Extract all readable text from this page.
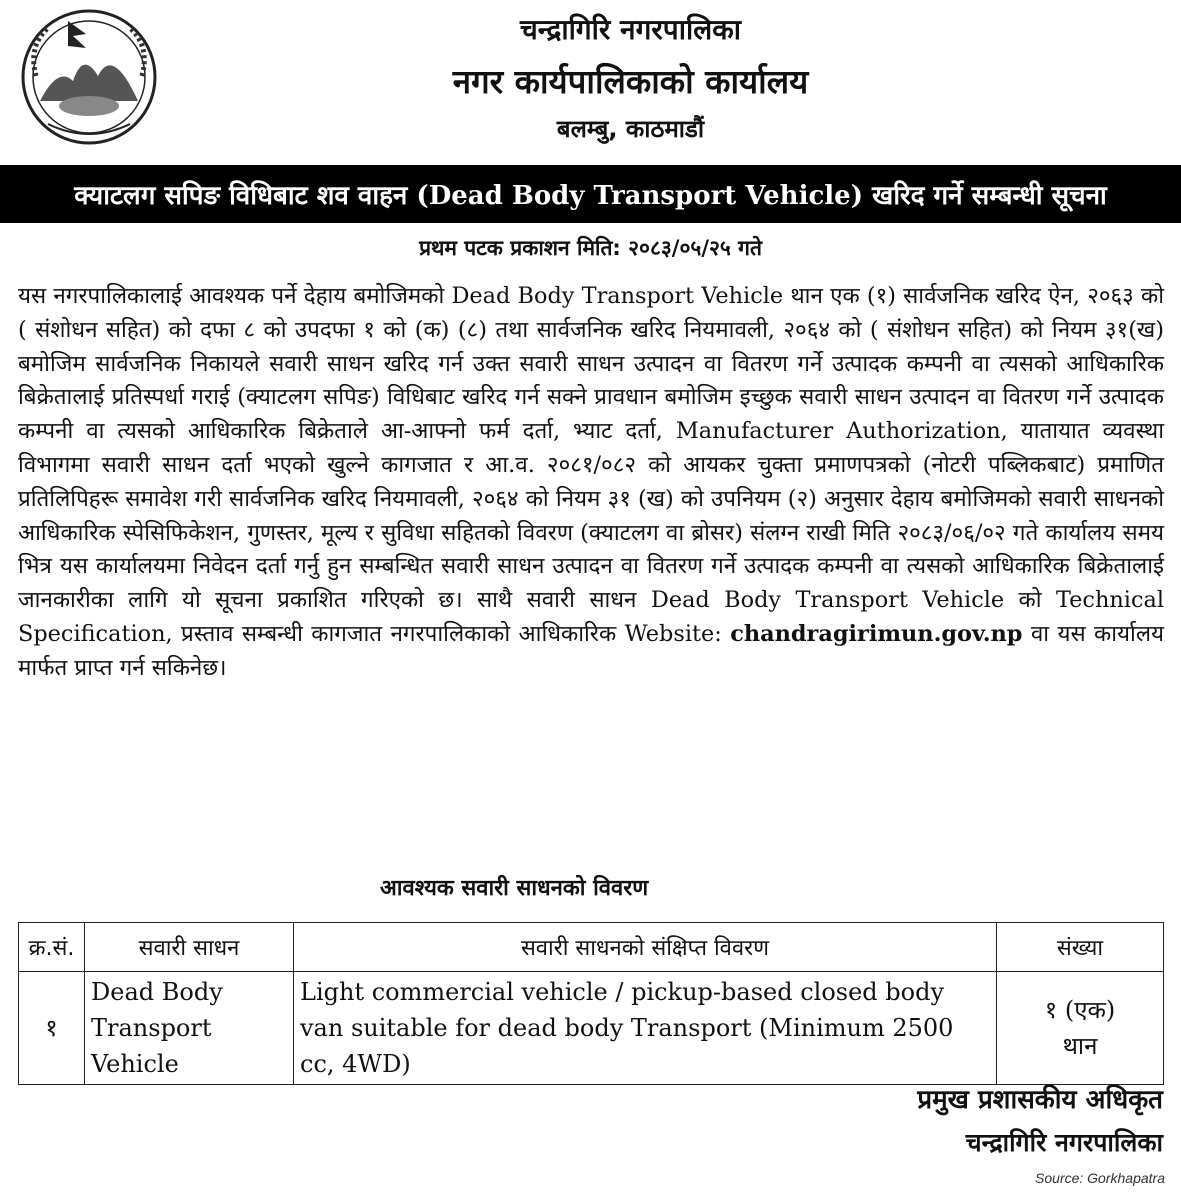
चन्द्रागिरि नगरपालिका
नगर कार्यपालिकाको कार्यालय
बलम्बु, काठमाडौं
क्याटलग सपिङ विधिबाट शव वाहन (Dead Body Transport Vehicle) खरिद गर्ने सम्बन्धी सूचना
प्रथम पटक प्रकाशन मिति: २०८३/०५/२५ गते
यस नगरपालिकालाई आवश्यक पर्ने देहाय बमोजिमको Dead Body Transport Vehicle थान एक (१) सार्वजनिक खरिद ऐन, २०६३ को ( संशोधन सहित) को दफा ८ को उपदफा १ को (क) (८) तथा सार्वजनिक खरिद नियमावली, २०६४ को ( संशोधन सहित) को नियम ३१(ख) बमोजिम सार्वजनिक निकायले सवारी साधन खरिद गर्न उक्त सवारी साधन उत्पादन वा वितरण गर्ने उत्पादक कम्पनी वा त्यसको आधिकारिक बिक्रेतालाई प्रतिस्पर्धा गराई (क्याटलग सपिङ) विधिबाट खरिद गर्न सक्ने प्रावधान बमोजिम इच्छुक सवारी साधन उत्पादन वा वितरण गर्ने उत्पादक कम्पनी वा त्यसको आधिकारिक बिक्रेताले आ-आफ्नो फर्म दर्ता, भ्याट दर्ता, Manufacturer Authorization, यातायात व्यवस्था विभागमा सवारी साधन दर्ता भएको खुल्ने कागजात र आ.व. २०८१/०८२ को आयकर चुक्ता प्रमाणपत्रको (नोटरी पब्लिकबाट) प्रमाणित प्रतिलिपिहरू समावेश गरी सार्वजनिक खरिद नियमावली, २०६४ को नियम ३१ (ख) को उपनियम (२) अनुसार देहाय बमोजिमको सवारी साधनको आधिकारिक स्पेसिफिकेशन, गुणस्तर, मूल्य र सुविधा सहितको विवरण (क्याटलग वा ब्रोसर) संलग्न राखी मिति २०८३/०६/०२ गते कार्यालय समय भित्र यस कार्यालयमा निवेदन दर्ता गर्नु हुन सम्बन्धित सवारी साधन उत्पादन वा वितरण गर्ने उत्पादक कम्पनी वा त्यसको आधिकारिक बिक्रेतालाई जानकारीका लागि यो सूचना प्रकाशित गरिएको छ। साथै सवारी साधन Dead Body Transport Vehicle को Technical Specification, प्रस्ताव सम्बन्धी कागजात नगरपालिकाको आधिकारिक Website: chandragirimun.gov.np वा यस कार्यालय मार्फत प्राप्त गर्न सकिनेछ।
आवश्यक सवारी साधनको विवरण
क्र.सं.	सवारी साधन	सवारी साधनको संक्षिप्त विवरण	संख्या
१	Dead Body Transport Vehicle	Light commercial vehicle / pickup-based closed body van suitable for dead body Transport (Minimum 2500 cc, 4WD)	१ (एक)
थान
प्रमुख प्रशासकीय अधिकृत
चन्द्रागिरि नगरपालिका
Source: Gorkhapatra
